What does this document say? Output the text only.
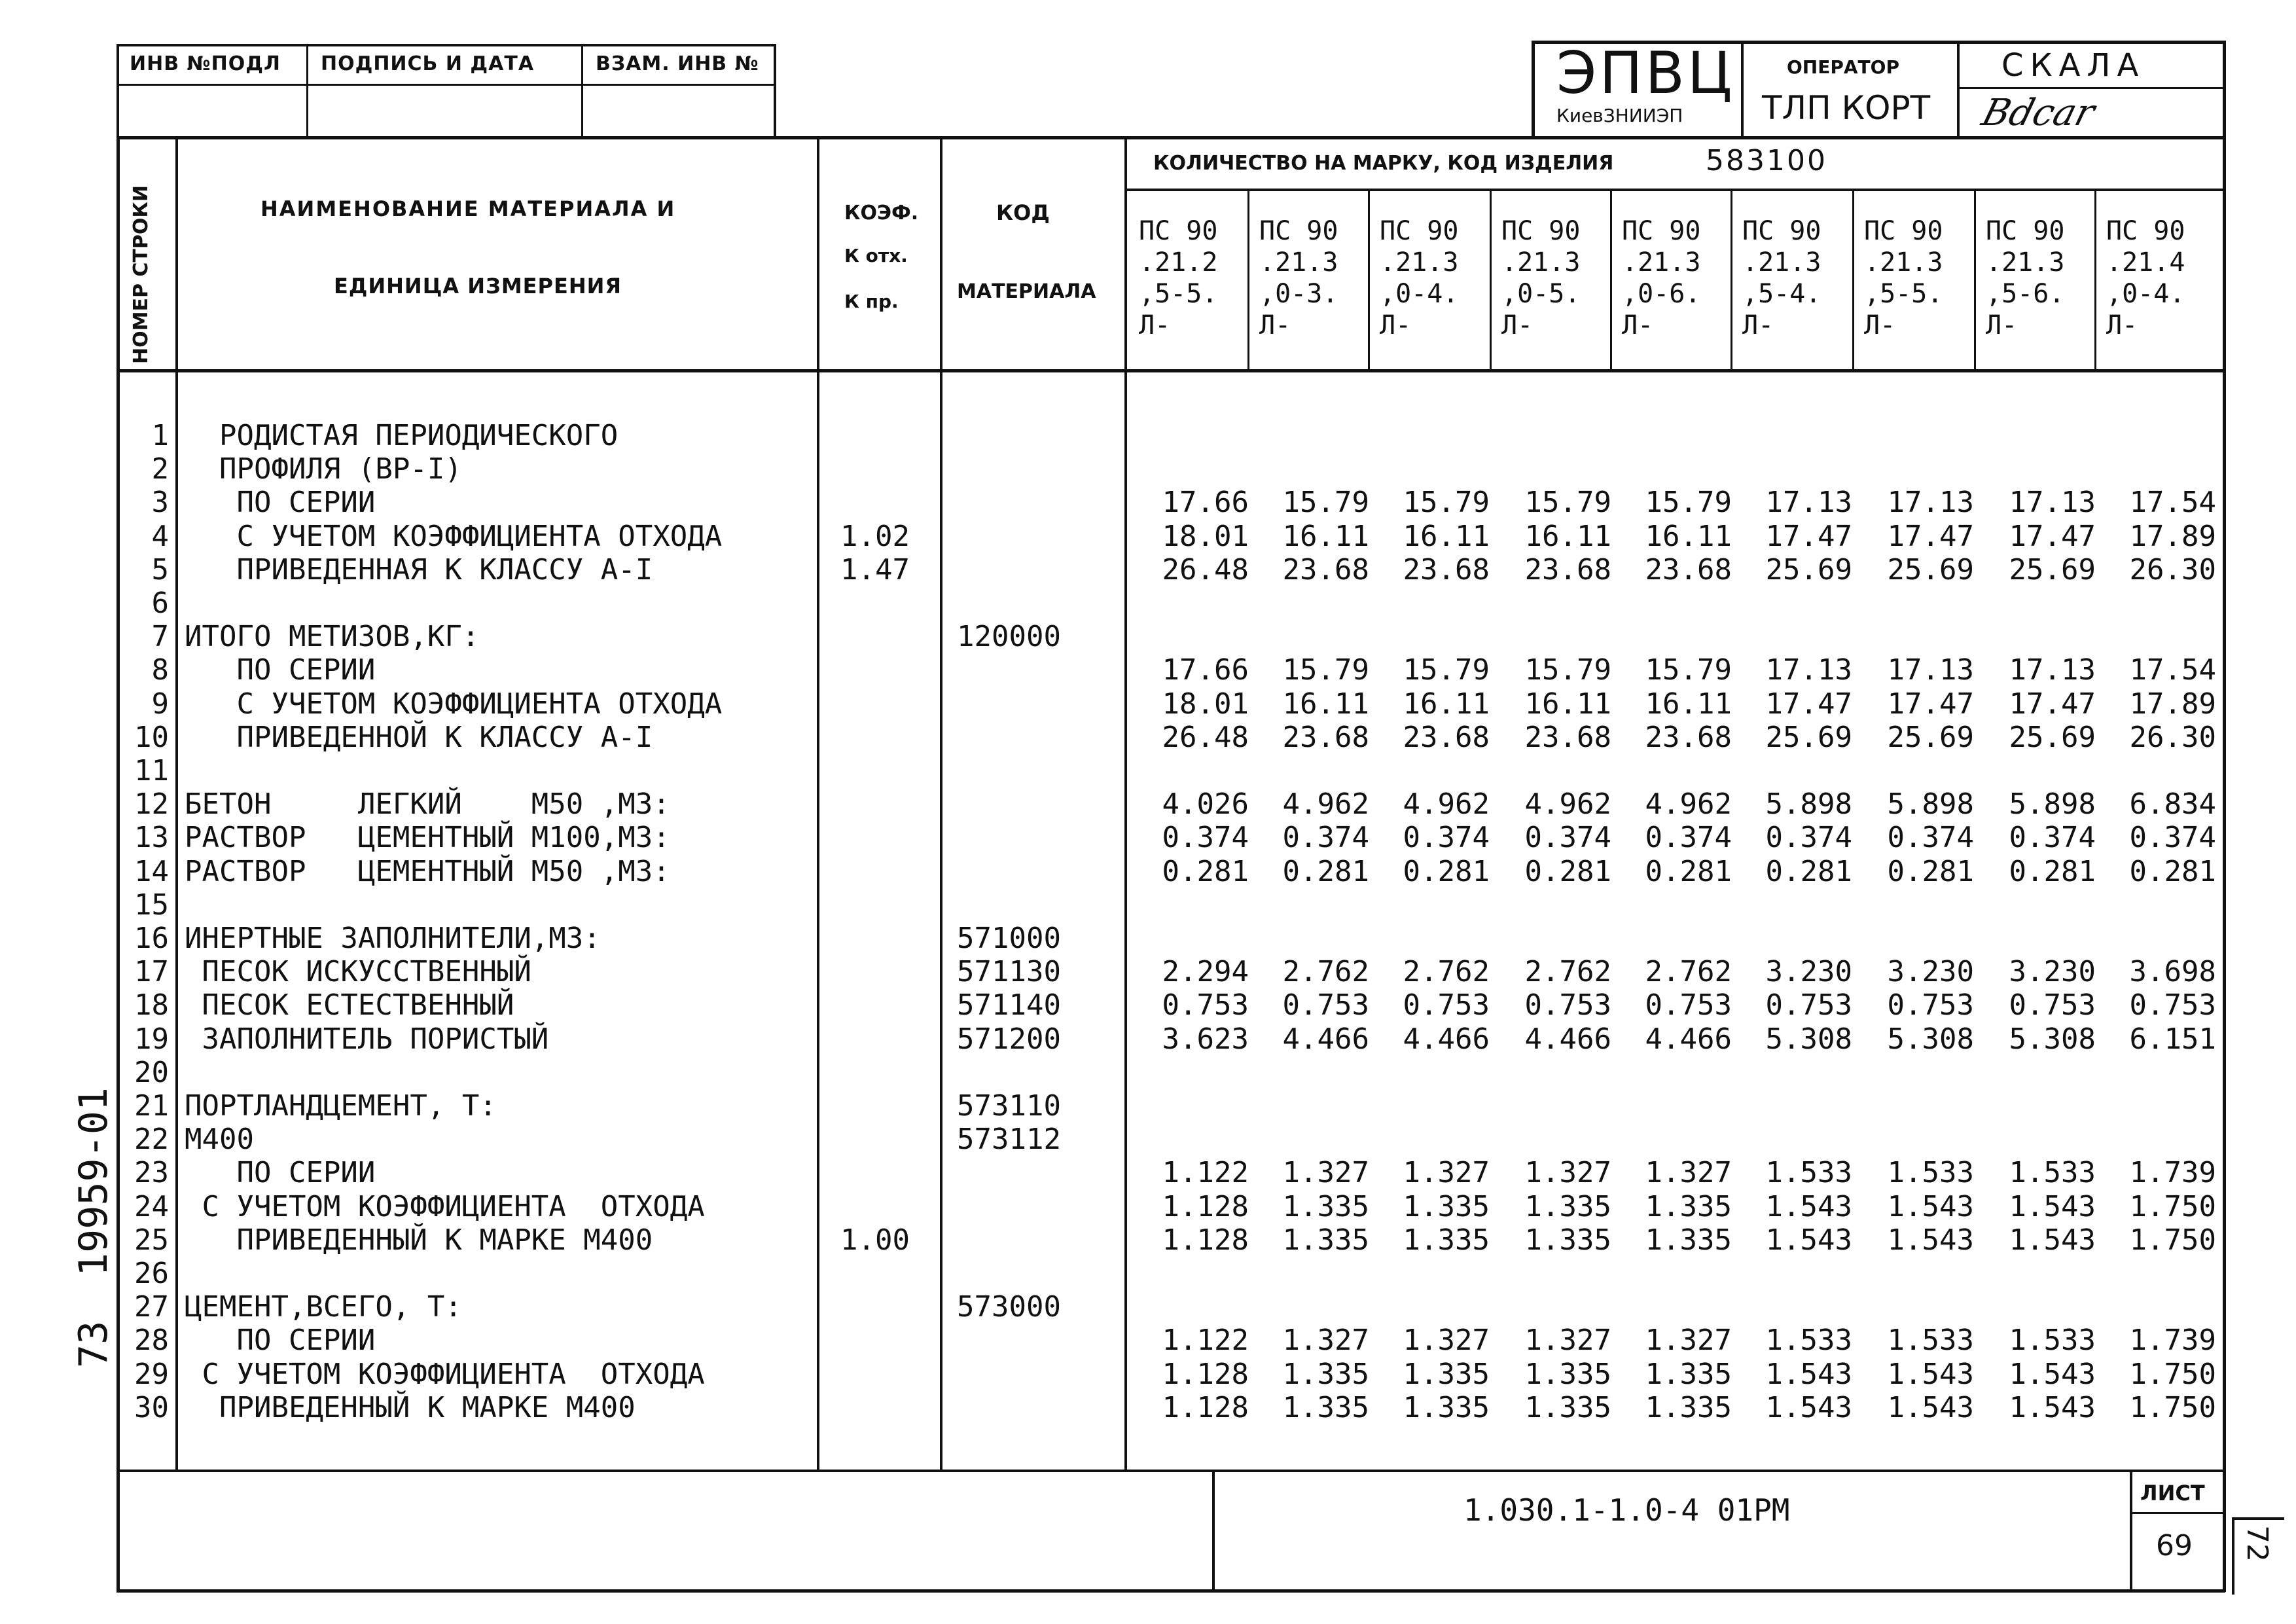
ИНВ №ПОДЛ ПОДПИСЬ И ДАТА	ВЗАМ. ИНВ №	ЭПВЦ
КиевЗНИИЭП
ОПЕРАТОР
ТЛП КОРТ
СКАЛА
Bdcar
НОМЕР СТРОКИ	НАИМЕНОВАНИЕ МАТЕРИАЛА И
ЕДИНИЦА ИЗМЕРЕНИЯ
КОЭФ.
К отх.
К пр.
КОД
МАТЕРИАЛА
КОЛИЧЕСТВО НА МАРКУ, КОД ИЗДЕЛИЯ	583100
ПС 90
.21.2
,5-5.
Л-
ПС 90
.21.3
,0-3.
Л-
ПС 90
.21.3
,0-4.
Л-
ПС 90
.21.3
,0-5.
Л-
ПС 90
.21.3
,0-6.
Л-
ПС 90
.21.3
,5-4.
Л-
ПС 90
.21.3
,5-5.
Л-
ПС 90
.21.3
,5-6.
Л-
ПС 90
.21.4
,0-4.
Л-
1 РОДИСТАЯ ПЕРИОДИЧЕСКОГО
2 ПРОФИЛЯ (ВР-I)
3 ПО СЕРИИ	17.66	15.79	15.79	15.79	15.79	17.13	17.13	17.13	17.54
4 С УЧЕТОМ КОЭФФИЦИЕНТА ОТХОДА	1.02	18.01	16.11	16.11	16.11	16.11	17.47	17.47	17.47	17.89
5 ПРИВЕДЕННАЯ К КЛАССУ А-I	1.47	26.48	23.68	23.68	23.68	23.68	25.69	25.69	25.69	26.30
6
7 ИТОГО МЕТИЗОВ,КГ:	120000
8 ПО СЕРИИ	17.66	15.79	15.79	15.79	15.79	17.13	17.13	17.13	17.54
9 С УЧЕТОМ КОЭФФИЦИЕНТА ОТХОДА	18.01	16.11	16.11	16.11	16.11	17.47	17.47	17.47	17.89
10 ПРИВЕДЕННОЙ К КЛАССУ А-I	26.48	23.68	23.68	23.68	23.68	25.69	25.69	25.69	26.30
11
12 БЕТОН     ЛЕГКИЙ    М50 ,М3:	4.026	4.962	4.962	4.962	4.962	5.898	5.898	5.898	6.834
13 РАСТВОР   ЦЕМЕНТНЫЙ М100,М3:	0.374	0.374	0.374	0.374	0.374	0.374	0.374	0.374	0.374
14 РАСТВОР   ЦЕМЕНТНЫЙ М50 ,М3:	0.281	0.281	0.281	0.281	0.281	0.281	0.281	0.281	0.281
15
16 ИНЕРТНЫЕ ЗАПОЛНИТЕЛИ,М3:	571000
17 ПЕСОК ИСКУССТВЕННЫЙ	571130	2.294	2.762	2.762	2.762	2.762	3.230	3.230	3.230	3.698
18 ПЕСОК ЕСТЕСТВЕННЫЙ	571140	0.753	0.753	0.753	0.753	0.753	0.753	0.753	0.753	0.753
19 ЗАПОЛНИТЕЛЬ ПОРИСТЫЙ	571200	3.623	4.466	4.466	4.466	4.466	5.308	5.308	5.308	6.151
20
21 ПОРТЛАНДЦЕМЕНТ, Т:	573110
22 М400	573112
23 ПО СЕРИИ	1.122	1.327	1.327	1.327	1.327	1.533	1.533	1.533	1.739
24 С УЧЕТОМ КОЭФФИЦИЕНТА  ОТХОДА	1.128	1.335	1.335	1.335	1.335	1.543	1.543	1.543	1.750
25 ПРИВЕДЕННЫЙ К МАРКЕ М400	1.00	1.128	1.335	1.335	1.335	1.335	1.543	1.543	1.543	1.750
26
27 ЦЕМЕНТ,ВСЕГО, Т:	573000
28 ПО СЕРИИ	1.122	1.327	1.327	1.327	1.327	1.533	1.533	1.533	1.739
29 С УЧЕТОМ КОЭФФИЦИЕНТА  ОТХОДА	1.128	1.335	1.335	1.335	1.335	1.543	1.543	1.543	1.750
30 ПРИВЕДЕННЫЙ К МАРКЕ М400	1.128	1.335	1.335	1.335	1.335	1.543	1.543	1.543	1.750
1.030.1-1.0-4 01РМ	ЛИСТ
69
19959-01
73
72
